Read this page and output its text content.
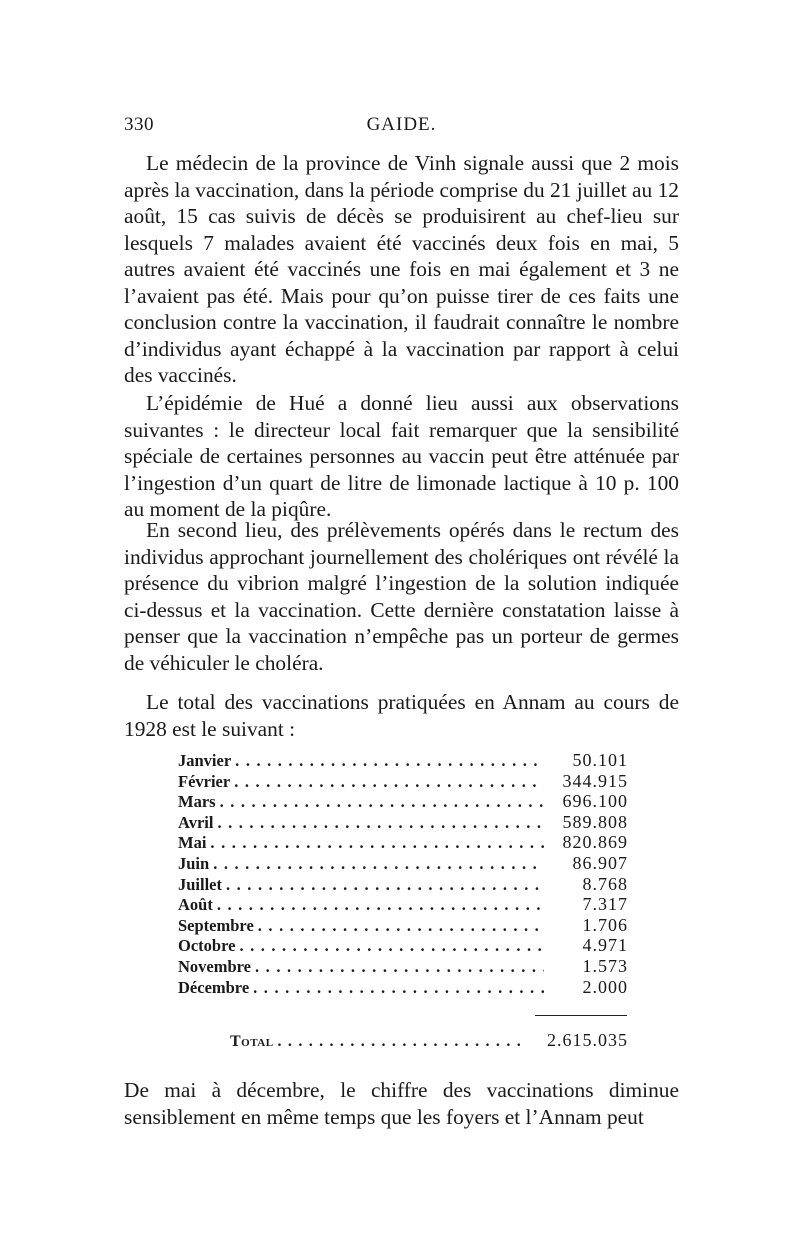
330	GAIDE.

Le médecin de la province de Vinh signale aussi que 2 mois après la vaccination, dans la période comprise du 21 juillet au 12 août, 15 cas suivis de décès se produisirent au chef-lieu sur lesquels 7 malades avaient été vaccinés deux fois en mai, 5 autres avaient été vaccinés une fois en mai également et 3 ne l’avaient pas été. Mais pour qu’on puisse tirer de ces faits une conclusion contre la vaccination, il faudrait connaître le nombre d’individus ayant échappé à la vaccination par rapport à celui des vaccinés.

L’épidémie de Hué a donné lieu aussi aux observations suivantes : le directeur local fait remarquer que la sensibilité spéciale de certaines personnes au vaccin peut être atténuée par l’ingestion d’un quart de litre de limonade lactique à 10 p. 100 au moment de la piqûre.

En second lieu, des prélèvements opérés dans le rectum des individus approchant journellement des cholériques ont révélé la présence du vibrion malgré l’ingestion de la solution indiquée ci-dessus et la vaccination. Cette dernière constatation laisse à penser que la vaccination n’empêche pas un porteur de germes de véhiculer le choléra.

Le total des vaccinations pratiquées en Annam au cours de 1928 est le suivant :

Janvier . . .	50.101
Février . . .	344.915
Mars . . .	696.100
Avril . . .	589.808
Mai . . .	820.869
Juin . . .	86.907
Juillet . . .	8.768
Août . . .	7.317
Septembre . . .	1.706
Octobre . . .	4.971
Novembre . . .	1.573
Décembre . . .	2.000
Total . . .	2.615.035

De mai à décembre, le chiffre des vaccinations diminue sensiblement en même temps que les foyers et l’Annam peut
